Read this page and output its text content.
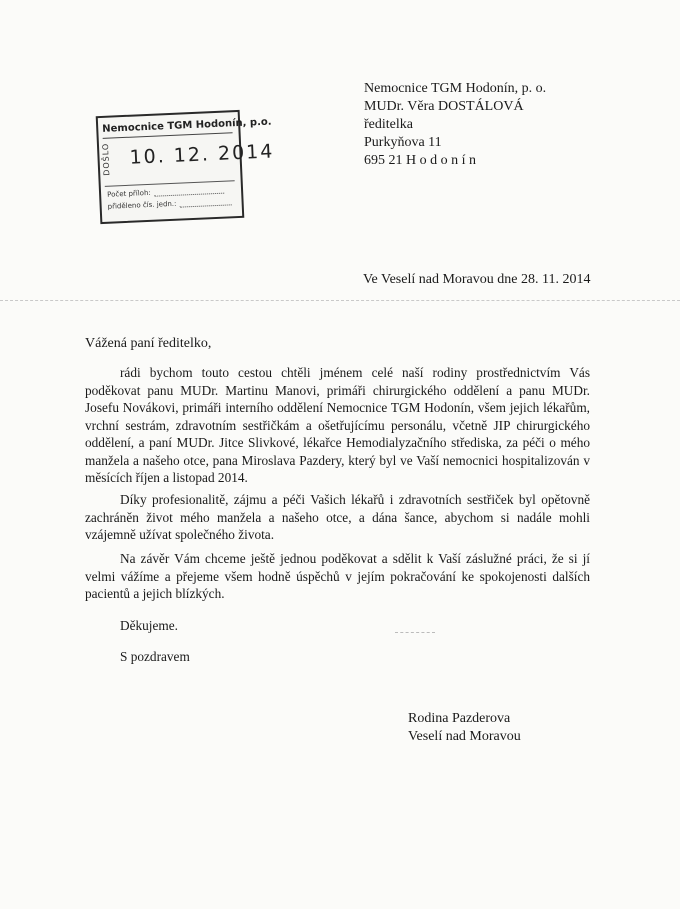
Nemocnice TGM Hodonín, p. o.
MUDr. Věra DOSTÁLOVÁ
ředitelka
Purkyňova 11
695 21 H o d o n í n
Nemocnice TGM Hodonín, p.o.
DOŠLO 10. 12. 2014
Počet příloh:
přiděleno čís. jedn.:
Ve Veselí nad Moravou dne 28. 11. 2014
Vážená paní ředitelko,

rádi bychom touto cestou chtěli jménem celé naší rodiny prostřednictvím Vás poděkovat panu MUDr. Martinu Manovi, primáři chirurgického oddělení a panu MUDr. Josefu Novákovi, primáři interního oddělení Nemocnice TGM Hodonín, všem jejich lékařům, vrchní sestrám, zdravotním sestřičkám a ošetřujícímu personálu, včetně JIP chirurgického oddělení, a paní MUDr. Jitce Slivkové, lékařce Hemodialyzačního střediska, za péči o mého manžela a našeho otce, pana Miroslava Pazdery, který byl ve Vaší nemocnici hospitalizován v měsících říjen a listopad 2014.

Díky profesionalitě, zájmu a péči Vašich lékařů i zdravotních sestřiček byl opětovně zachráněn život mého manžela a našeho otce, a dána šance, abychom si nadále mohli vzájemně užívat společného života.

Na závěr Vám chceme ještě jednou poděkovat a sdělit k Vaší záslužné práci, že si jí velmi vážíme a přejeme všem hodně úspěchů v jejím pokračování ke spokojenosti dalších pacientů a jejich blízkých.

Děkujeme.
S pozdravem
Rodina Pazderova
Veselí nad Moravou
